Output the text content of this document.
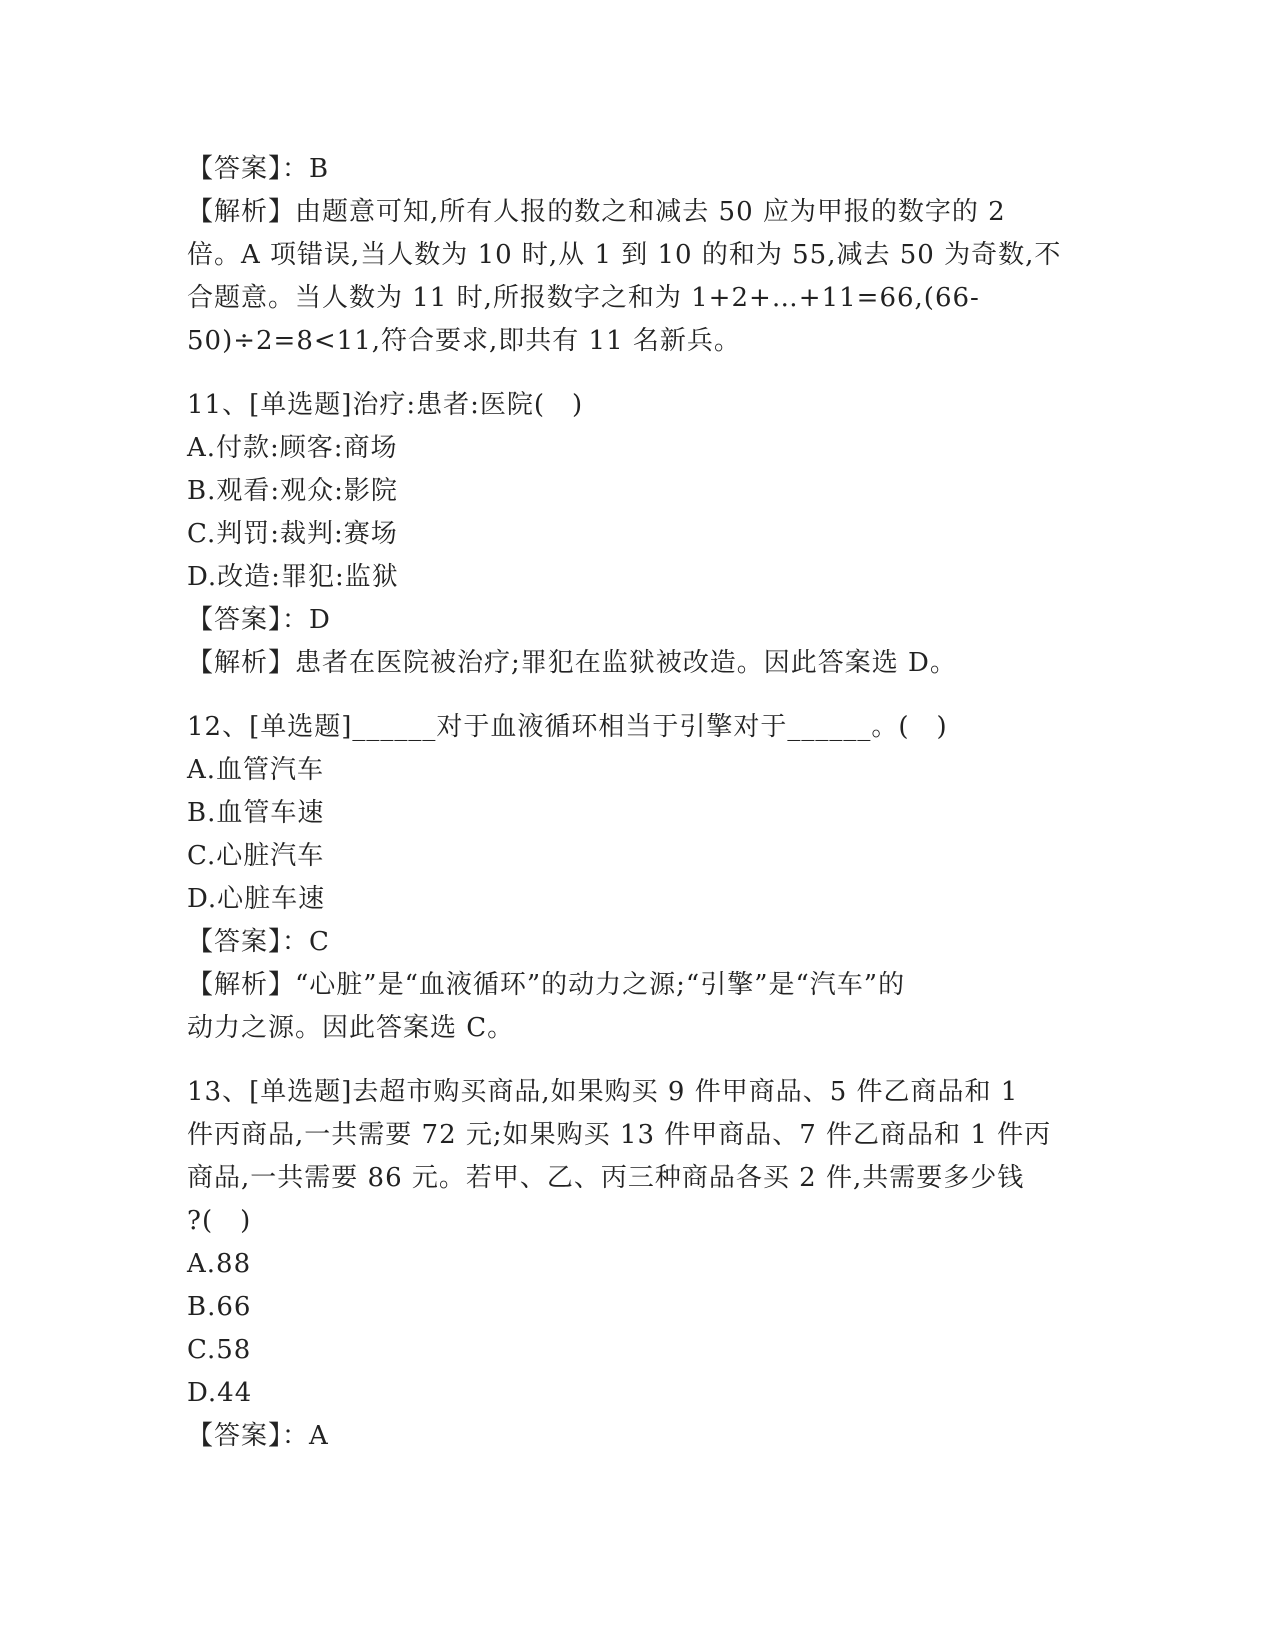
【答案】：B
【解析】由题意可知,所有人报的数之和减去 50 应为甲报的数字的 2
倍。A 项错误,当人数为 10 时,从 1 到 10 的和为 55,减去 50 为奇数,不
合题意。当人数为 11 时,所报数字之和为 1+2+…+11=66,(66-
50)÷2=8<11,符合要求,即共有 11 名新兵。
11、[单选题]治疗:患者:医院(　)
A.付款:顾客:商场
B.观看:观众:影院
C.判罚:裁判:赛场
D.改造:罪犯:监狱
【答案】：D
【解析】患者在医院被治疗;罪犯在监狱被改造。因此答案选 D。
12、[单选题]______对于血液循环相当于引擎对于______。(　)
A.血管汽车
B.血管车速
C.心脏汽车
D.心脏车速
【答案】：C
【解析】“心脏”是“血液循环”的动力之源;“引擎”是“汽车”的
动力之源。因此答案选 C。
13、[单选题]去超市购买商品,如果购买 9 件甲商品、5 件乙商品和 1
件丙商品,一共需要 72 元;如果购买 13 件甲商品、7 件乙商品和 1 件丙
商品,一共需要 86 元。若甲、乙、丙三种商品各买 2 件,共需要多少钱
?(　)
A.88
B.66
C.58
D.44
【答案】：A
